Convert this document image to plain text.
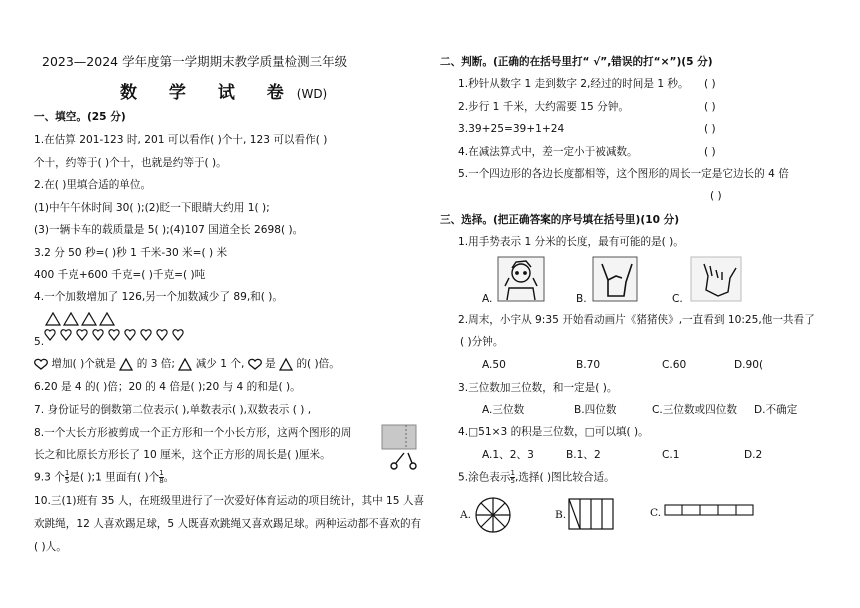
2023—2024 学年度第一学期期末教学质量检测三年级
数 学 试 卷(WD)
一、填空。(25 分)
1.在估算 201-123 时, 201 可以看作( )个十, 123 可以看作( )
个十，约等于( )个十，也就是约等于( )。
2.在( )里填合适的单位。
(1)中午午休时间 30( );(2)眨一下眼睛大约用 1( );
(3)一辆卡车的载质量是 5( );(4)107 国道全长 2698( )。
3.2 分 50 秒=( )秒 1 千米-30 米=( ) 米
400 千克+600 千克=( )千克=( )吨
4.一个加数增加了 126,另一个加数减少了 89,和( )。
5.
增加( )个就是 的 3 倍; 减少 1 个, 是 的( )倍。
6.20 是 4 的( )倍；20 的 4 倍是( );20 与 4 的和是( )。
7. 身份证号的倒数第二位表示( ),单数表示( ),双数表示 ( ) ,
8.一个大长方形被剪成一个正方形和一个小长方形，这两个图形的周
长之和比原长方形长了 10 厘米，这个正方形的周长是( )厘米。
9.3 个 $\frac{1}{5}$ 是( );1 里面有( )个 $\frac{1}{8}$ 。
10.三(1)班有 35 人，在班级里进行了一次爱好体育运动的项目统计，其中 15 人喜
欢跳绳，12 人喜欢踢足球，5 人既喜欢跳绳又喜欢踢足球。两种运动都不喜欢的有
( )人。
二、判断。(正确的在括号里打“ √”,错误的打“×”)(5 分)
1.秒针从数字 1 走到数字 2,经过的时间是 1 秒。 ( )
2.步行 1 千米，大约需要 15 分钟。	( )
3.39+25=39+1+24	( )
4.在减法算式中，差一定小于被减数。	( )
5.一个四边形的各边长度都相等，这个图形的周长一定是它边长的 4 倍
( )
三、选择。(把正确答案的序号填在括号里)(10 分)
1.用手势表示 1 分米的长度，最有可能的是( )。
A.	B.	C.
2.周末，小宇从 9:35 开始看动画片《猪猪侠》,一直看到 10:25,他一共看了
( )分钟。
A.50	B.70	C.60	D.90(
3.三位数加三位数，和一定是( )。
A.三位数	B.四位数	C.三位数或四位数 D.不确定
4.□51×3 的积是三位数，□可以填( )。
A.1、2、3	B.1、2	C.1	D.2
5.涂色表示 $\frac{1}{5}$ ,选择( )图比较合适。
A.	B.	C.
